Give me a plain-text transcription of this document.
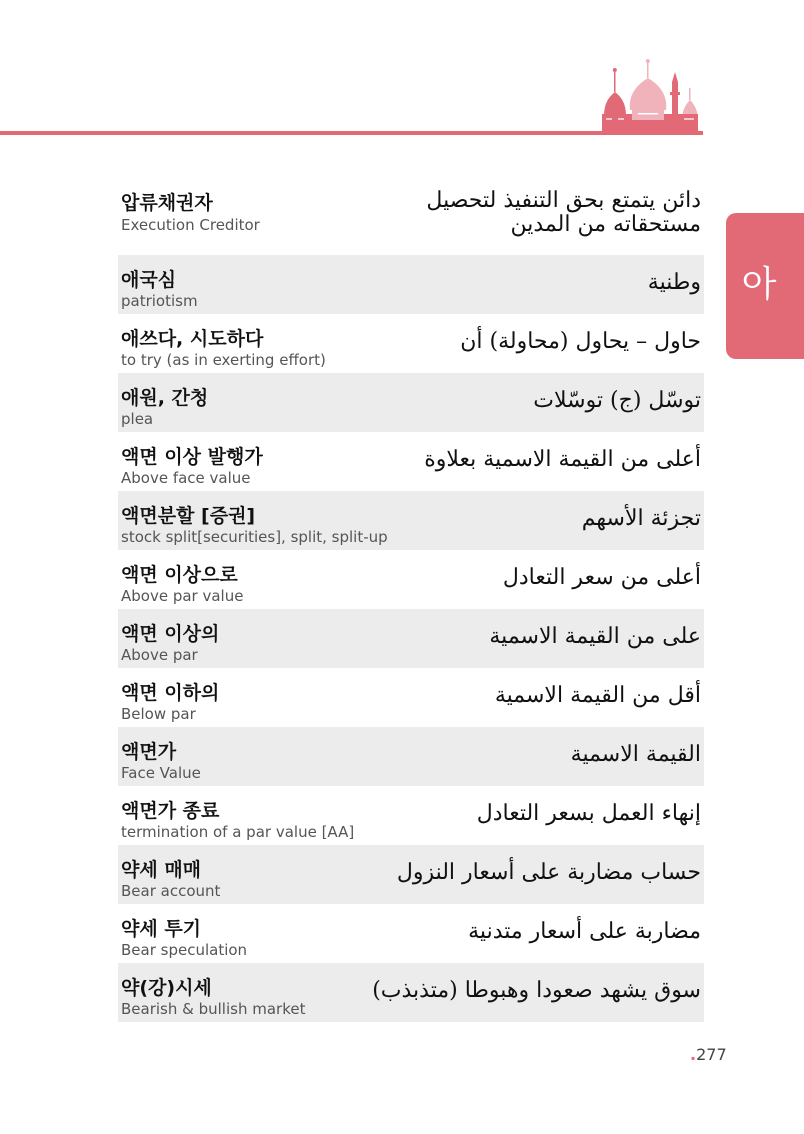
아
압류채권자
Execution Creditor
دائن يتمتع بحق التنفيذ لتحصيل
مستحقاته من المدين
애국심
patriotism
وطنية
애쓰다, 시도하다
to try (as in exerting effort)
حاول – يحاول (محاولة) أن
애원, 간청
plea
توسّل (ج) توسّلات
액면 이상 발행가
Above face value
أعلى من القيمة الاسمية بعلاوة
액면분할 [증권]
stock split[securities], split, split-up
تجزئة الأسهم
액면 이상으로
Above par value
أعلى من سعر التعادل
액면 이상의
Above par
على من القيمة الاسمية
액면 이하의
Below par
أقل من القيمة الاسمية
액면가
Face Value
القيمة الاسمية
액면가 종료
termination of a par value [AA]
إنهاء العمل بسعر التعادل
약세 매매
Bear account
حساب مضاربة على أسعار النزول
약세 투기
Bear speculation
مضاربة على أسعار متدنية
약(강)시세
Bearish & bullish market
سوق يشهد صعودا وهبوطا (متذبذب)
.277
